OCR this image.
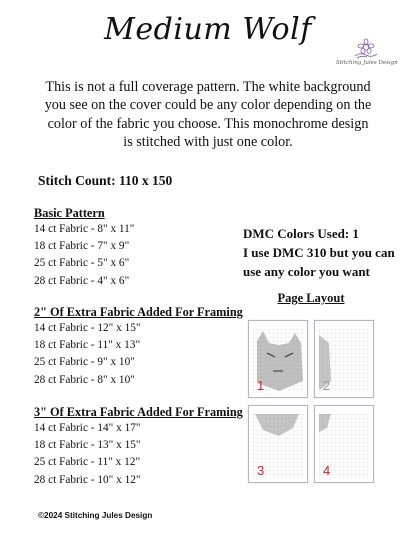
Medium Wolf
Stitching Jules Design
This is not a full coverage pattern. The white background
you see on the cover could be any color depending on the
color of the fabric you choose. This monochrome design
is stitched with just one color.
Stitch Count: 110 x 150
Basic Pattern
14 ct Fabric - 8" x 11"
18 ct Fabric - 7" x 9"
25 ct Fabric - 5" x 6"
28 ct Fabric - 4" x 6"
2" Of Extra Fabric Added For Framing
14 ct Fabric - 12" x 15"
18 ct Fabric - 11" x 13"
25 ct Fabric - 9" x 10"
28 ct Fabric - 8" x 10"
3" Of Extra Fabric Added For Framing
14 ct Fabric - 14" x 17"
18 ct Fabric - 13" x 15"
25 ct Fabric - 11" x 12"
28 ct Fabric - 10" x 12"
DMC Colors Used: 1
I use DMC 310 but you can
use any color you want
Page Layout
1	2
3	4
©2024 Stitching Jules Design
